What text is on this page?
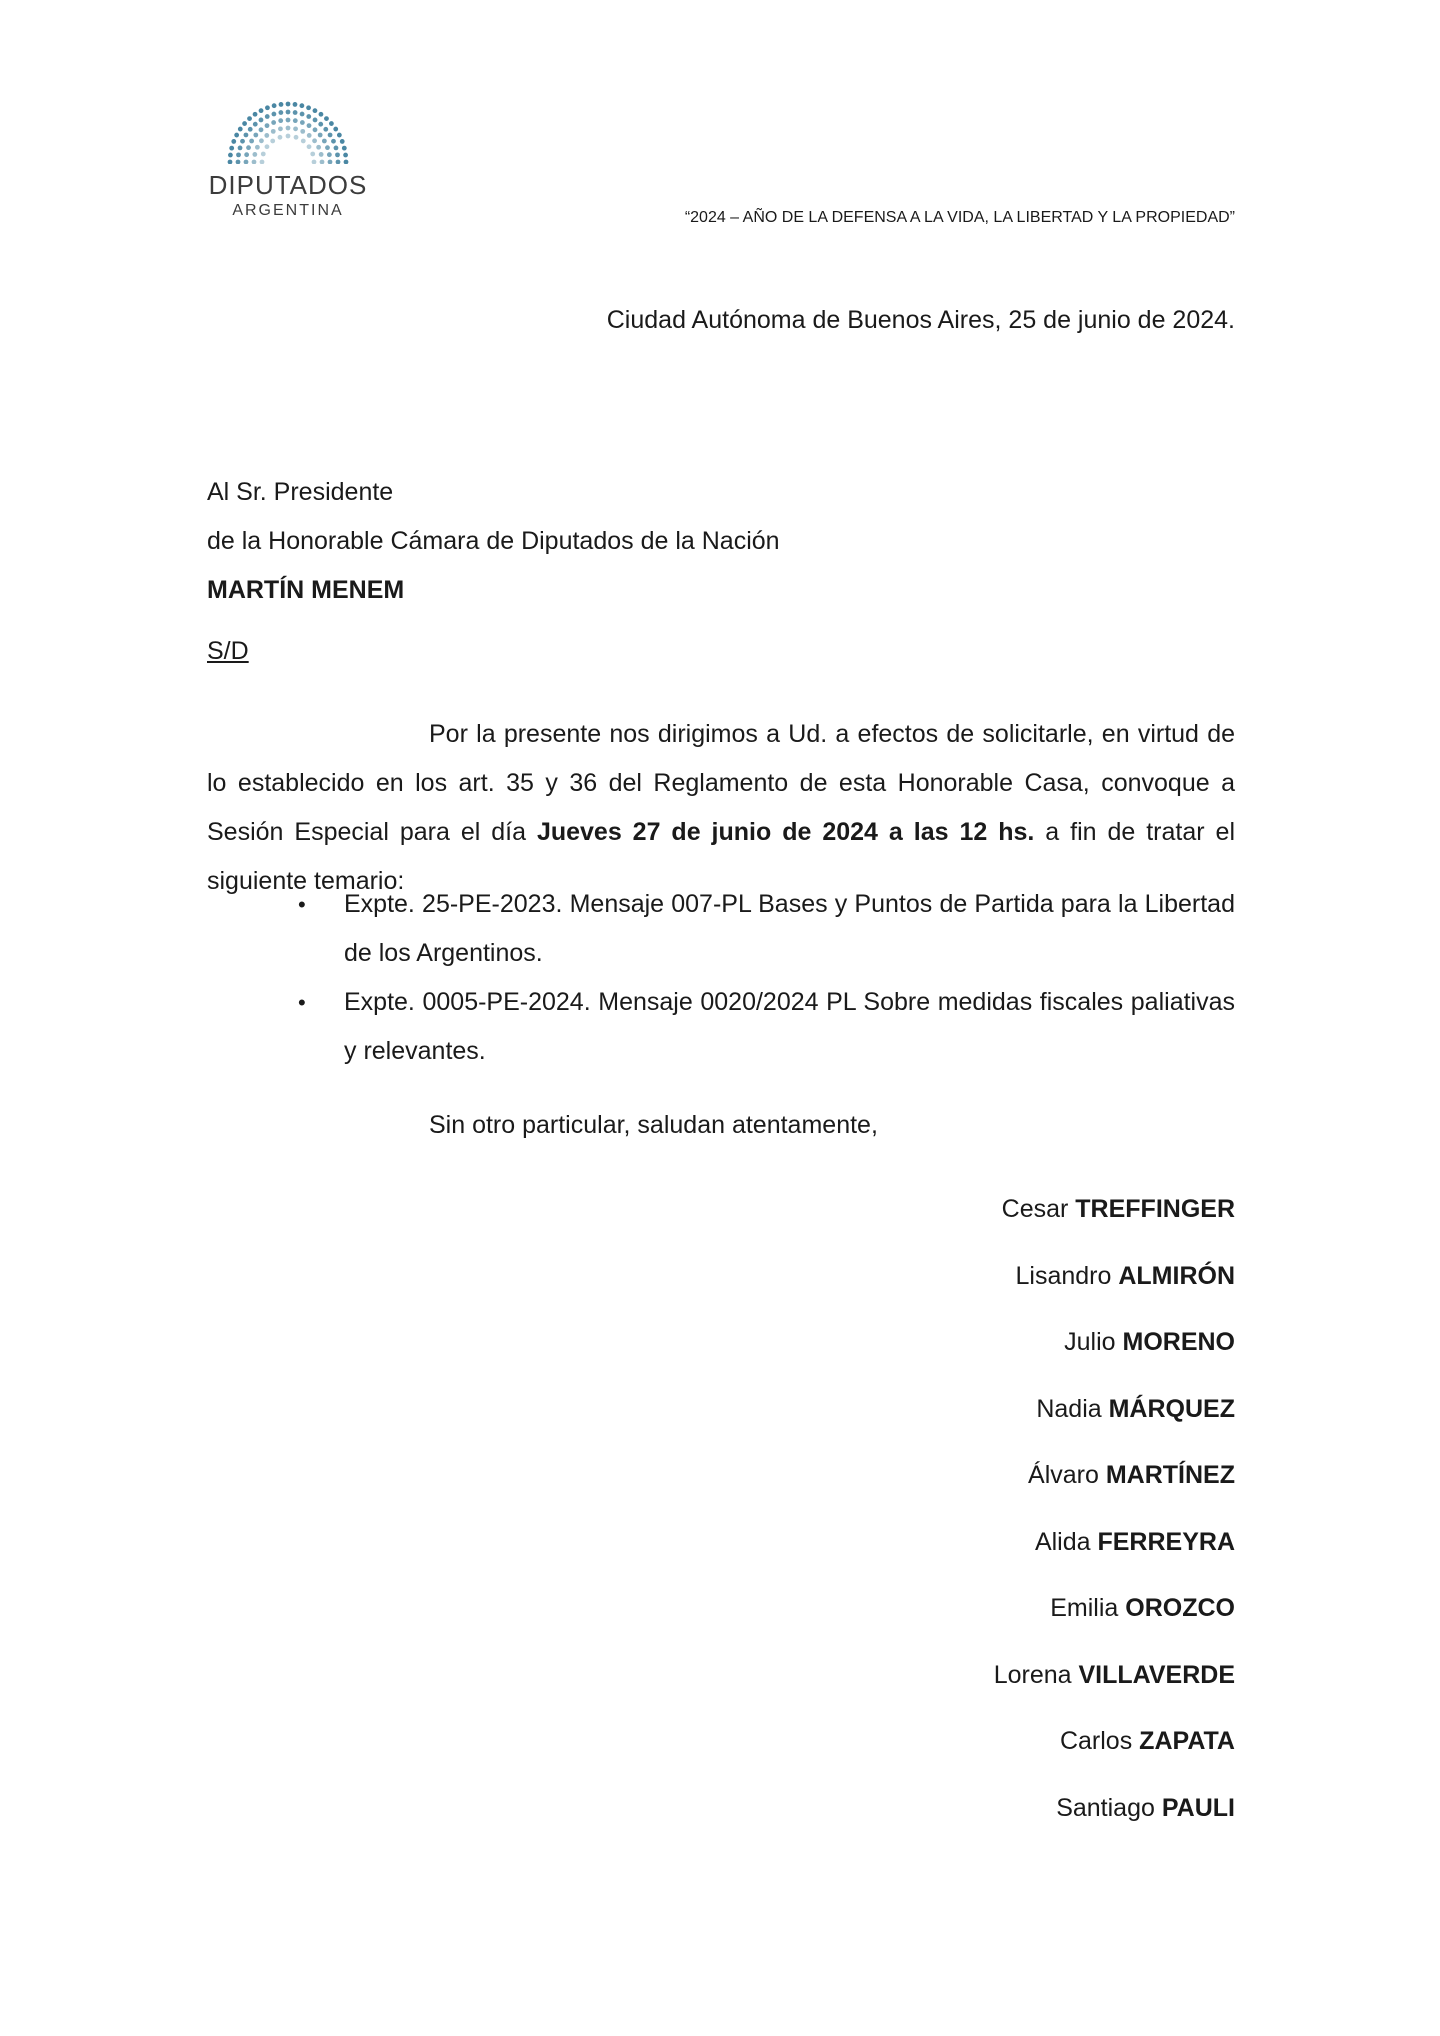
DIPUTADOS
ARGENTINA	“2024 – AÑO DE LA DEFENSA A LA VIDA, LA LIBERTAD Y LA PROPIEDAD”
Ciudad Autónoma de Buenos Aires, 25 de junio de 2024.
Al Sr. Presidente
de la Honorable Cámara de Diputados de la Nación
MARTÍN MENEM
S/D

Por la presente nos dirigimos a Ud. a efectos de solicitarle, en virtud de lo establecido en los art. 35 y 36 del Reglamento de esta Honorable Casa, convoque a Sesión Especial para el día Jueves 27 de junio de 2024 a las 12 hs. a fin de tratar el siguiente temario:

• Expte. 25-PE-2023. Mensaje 007-PL Bases y Puntos de Partida para la Libertad de los Argentinos.
• Expte. 0005-PE-2024. Mensaje 0020/2024 PL Sobre medidas fiscales paliativas y relevantes.
Sin otro particular, saludan atentamente,
Cesar TREFFINGER
Lisandro ALMIRÓN
Julio MORENO
Nadia MÁRQUEZ
Álvaro MARTÍNEZ
Alida FERREYRA
Emilia OROZCO
Lorena VILLAVERDE
Carlos ZAPATA
Santiago PAULI
